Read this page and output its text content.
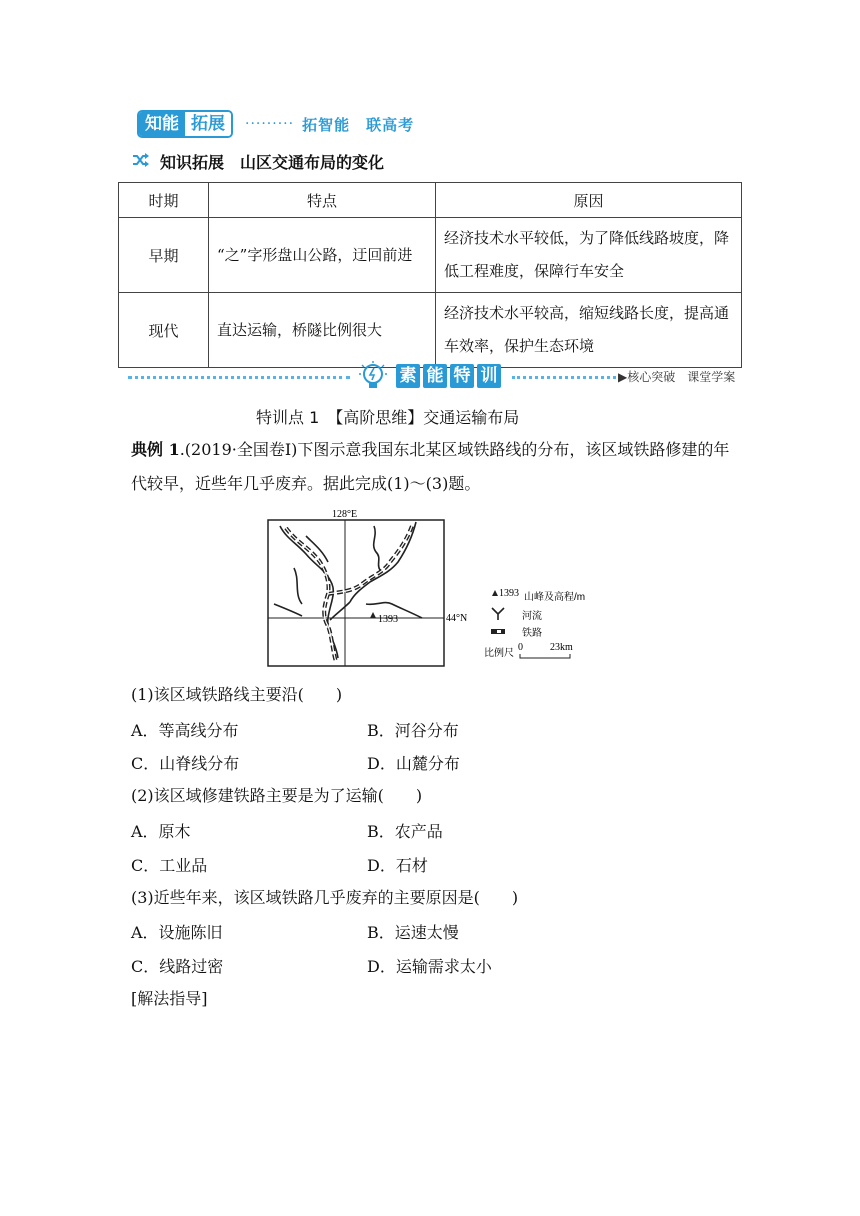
知能 拓展	········· 拓智能　联高考
知识拓展　山区交通布局的变化
时期	特点	原因
早期	“之”字形盘山公路，迂回前进	经济技术水平较低，为了降低线路坡度，降低工程难度，保障行车安全
现代	直达运输，桥隧比例很大	经济技术水平较高，缩短线路长度，提高通车效率，保护生态环境
素 能 特 训	▶核心突破　课堂学案
特训点 1　【高阶思维】交通运输布局
典例 1.(2019·全国卷Ⅰ)下图示意我国东北某区域铁路线的分布，该区域铁路修建的年代较早，近些年几乎废弃。据此完成(1)～(3)题。
1393
128°E
44°N
1393 山峰及高程/m
河流
铁路
比例尺
0	23km
(1)该区域铁路线主要沿(　　)
A．等高线分布	B．河谷分布
C．山脊线分布	D．山麓分布
(2)该区域修建铁路主要是为了运输(　　)
A．原木	B．农产品
C．工业品	D．石材
(3)近些年来，该区域铁路几乎废弃的主要原因是(　　)
A．设施陈旧	B．运速太慢
C．线路过密	D．运输需求太小
[解法指导]
